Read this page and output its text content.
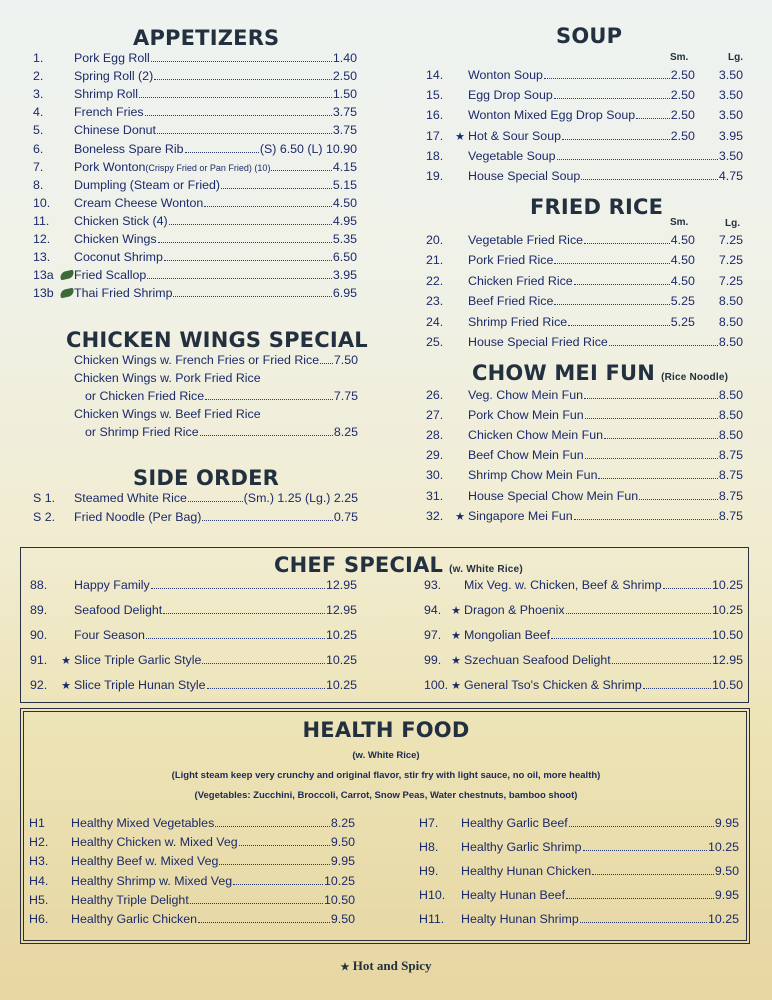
APPETIZERS
1.	Pork Egg Roll	1.40
2.	Spring Roll (2)	2.50
3.	Shrimp Roll	1.50
4.	French Fries	3.75
5.	Chinese Donut	3.75
6.	Boneless Spare Rib	(S) 6.50 (L) 10.90
7.	Pork Wonton (Crispy Fried or Pan Fried) (10)	4.15
8.	Dumpling (Steam or Fried)	5.15
10.	Cream Cheese Wonton	4.50
11.	Chicken Stick (4)	4.95
12.	Chicken Wings	5.35
13.	Coconut Shrimp	6.50
13a	Fried Scallop	3.95
13b	Thai Fried Shrimp	6.95
CHICKEN WINGS SPECIAL
Chicken Wings w. French Fries or Fried Rice 7.50
Chicken Wings w. Pork Fried Rice
or Chicken Fried Rice	7.75
Chicken Wings w. Beef Fried Rice
or Shrimp Fried Rice	8.25
SIDE ORDER
S 1.	Steamed White Rice	(Sm.) 1.25 (Lg.) 2.25
S 2.	Fried Noodle (Per Bag)	0.75
SOUP
Sm.	Lg.
14.	Wonton Soup	2.50 3.50
15.	Egg Drop Soup	2.50 3.50
16.	Wonton Mixed Egg Drop Soup	2.50 3.50
17.	★ Hot & Sour Soup	2.50 3.95
18.	Vegetable Soup	3.50
19.	House Special Soup	4.75
FRIED RICE
Sm.	Lg.
20.	Vegetable Fried Rice	4.50 7.25
21.	Pork Fried Rice	4.50 7.25
22.	Chicken Fried Rice	4.50 7.25
23.	Beef Fried Rice	5.25 8.50
24.	Shrimp Fried Rice	5.25 8.50
25.	House Special Fried Rice	8.50
CHOW MEI FUN (Rice Noodle)
26.	Veg. Chow Mein Fun	8.50
27.	Pork Chow Mein Fun	8.50
28.	Chicken Chow Mein Fun	8.50
29.	Beef Chow Mein Fun	8.75
30.	Shrimp Chow Mein Fun	8.75
31.	House Special Chow Mein Fun	8.75
32.	★ Singapore Mei Fun	8.75
CHEF SPECIAL (w. White Rice)
88.	Happy Family	12.95
89.	Seafood Delight	12.95
90.	Four Season	10.25
91.	★ Slice Triple Garlic Style	10.25
92.	★ Slice Triple Hunan Style	10.25
93.	Mix Veg. w. Chicken, Beef & Shrimp	10.25
94. ★ Dragon & Phoenix	10.25
97. ★ Mongolian Beef	10.50
99. ★ Szechuan Seafood Delight	12.95
100. ★ General Tso's Chicken & Shrimp	10.50
HEALTH FOOD
(w. White Rice)
(Light steam keep very crunchy and original flavor, stir fry with light sauce, no oil, more health)
(Vegetables: Zucchini, Broccoli, Carrot, Snow Peas, Water chestnuts, bamboo shoot)
H1	Healthy Mixed Vegetables	8.25
H2.	Healthy Chicken w. Mixed Veg	9.50
H3.	Healthy Beef w. Mixed Veg	9.95
H4.	Healthy Shrimp w. Mixed Veg	10.25
H5.	Healthy Triple Delight	10.50
H6.	Healthy Garlic Chicken	9.50
H7.	Healthy Garlic Beef	9.95
H8.	Healthy Garlic Shrimp	10.25
H9.	Healthy Hunan Chicken	9.50
H10.	Healty Hunan Beef	9.95
H11.	Healty Hunan Shrimp	10.25
★ Hot and Spicy
